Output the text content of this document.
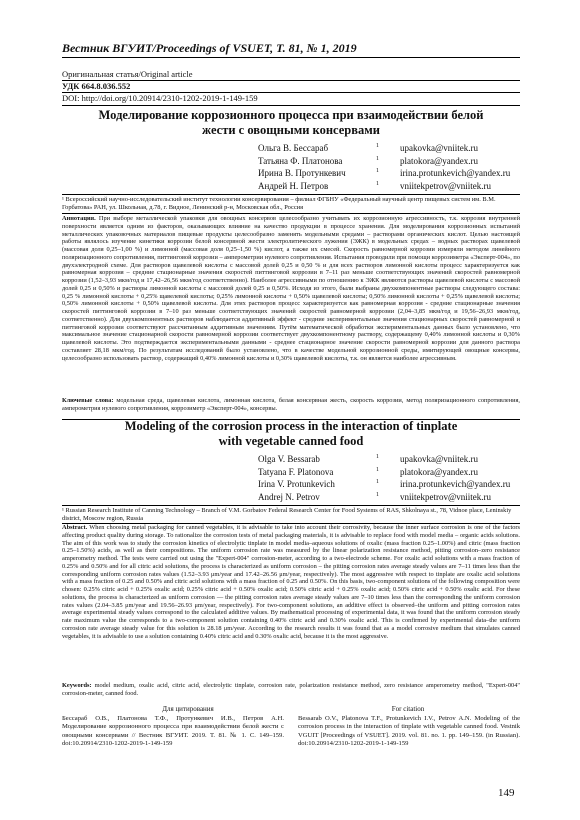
Вестник ВГУИТ/Proceedings of VSUET, Т. 81, № 1, 2019
Оригинальная статья/Original article
УДК 664.8.036.552
DOI: http://doi.org/10.20914/2310-1202-2019-1-149-159
Моделирование коррозионного процесса при взаимодействии белой
жести с овощными консервами
Ольга В. Бессараб	1	upakovka@vniitek.ru
Татьяна Ф. Платонова	1	platokora@yandex.ru
Ирина В. Протункевич	1	irina.protunkevich@yandex.ru
Андрей Н. Петров	1	vniitekpetrov@vniitek.ru
¹ Всероссийский научно-исследовательский институт технологии консервирования – филиал ФГБНУ «Федеральный научный центр пищевых систем им. В.М. Горбатова» РАН, ул. Школьная, д.78, г. Видное, Ленинский р-н, Московская обл., Россия
Аннотация. При выборе металлической упаковки для овощных консервов целесообразно учитывать их коррозионную агрессивность, т.к. коррозия внутренней поверхности является одним из факторов, оказывающих влияние на качество продукции в процессе хранения. Для моделирования коррозионных испытаний металлических упаковочных материалов пищевые продукты целесообразно заменять модельными средами – растворами органических кислот. Целью настоящей работы являлось изучение кинетики коррозии белой консервной жести электролитического лужения (ЭЖК) в модельных средах – водных растворах щавелевой (массовая доля 0,25–1,00 %) и лимонной (массовая доля 0,25–1,50 %) кислот, а также их смесей. Скорость равномерной коррозии измеряли методом линейного поляризационного сопротивления, питтинговой коррозии – амперометрии нулевого сопротивления. Испытания проводили при помощи коррозиметра «Эксперт-004», по двухэлектродной схеме. Для растворов щавелевой кислоты с массовой долей 0,25 и 0,50 % и для всех растворов лимонной кислоты процесс характеризуется как равномерная коррозия – средние стационарные значения скоростей питтинговой коррозии в 7–11 раз меньше соответствующих значений скоростей равномерной коррозии (1,52–3,93 мкм/год и 17,42–26,56 мкм/год соответственно). Наиболее агрессивными по отношению к ЭЖК являются растворы щавелевой кислоты с массовой долей 0,25 и 0,50% и растворы лимонной кислоты с массовой долей 0,25 и 0,50%. Исходя из этого, были выбраны двухкомпонентные растворы следующего состава: 0,25 % лимонной кислоты + 0,25% щавелевой кислоты; 0,25% лимонной кислоты + 0,50% щавелевой кислоты; 0,50% лимонной кислоты + 0,25% щавелевой кислоты; 0,50% лимонной кислоты + 0,50% щавелевой кислоты. Для этих растворов процесс характеризуется как равномерная коррозия - средние стационарные значения скоростей питтинговой коррозии в 7–10 раз меньше соответствующих значений скоростей равномерной коррозии (2,04–3,85 мкм/год и 19,56–26,93 мкм/год, соответственно). Для двухкомпонентных растворов наблюдается аддитивный эффект - средние экспериментальные значения стационарных скоростей равномерной и питтинговой коррозии соответствуют рассчитанным аддитивным значениям. Путём математической обработки экспериментальных данных было установлено, что максимальное значение стационарной скорости равномерной коррозии соответствует двухкомпонентному раствору, содержащему 0,40% лимонной кислоты и 0,30% щавелевой кислоты. Это подтверждается экспериментальными данными - среднее стационарное значение скорости равномерной коррозии для данного раствора составляет 28,18 мкм/год. По результатам исследований было установлено, что в качестве модельной коррозионной среды, имитирующей овощные консервы, целесообразно использовать раствор, содержащий 0,40% лимонной кислоты и 0,30% щавелевой кислоты, т.к. он является наиболее агрессивным.
Ключевые слова: модельная среда, щавелевая кислота, лимонная кислота, белая консервная жесть, скорость коррозии, метод поляризационного сопротивления, амперометрия нулевого сопротивления, коррозиметр «Эксперт-004», консервы.
Modeling of the corrosion process in the interaction of tinplate
with vegetable canned food
Olga V. Bessarab	1	upakovka@vniitek.ru
Tatyana F. Platonova	1	platokora@yandex.ru
Irina V. Protunkevich	1	irina.protunkevich@yandex.ru
Andrej N. Petrov	1	vniitekpetrov@vniitek.ru
¹ Russian Research Institute of Canning Technology – Branch of V.M. Gorbatov Federal Research Center for Food Systems of RAS, Shkolnaya st., 78, Vidnoe place, Leninskiy district, Moscow region, Russia
Abstract. When choosing metal packaging for canned vegetables, it is advisable to take into account their corrosivity, because the inner surface corrosion is one of the factors affecting product quality during storage. To rationalize the corrosion tests of metal packaging materials, it is advisable to replace food with model media – organic acids solutions. The aim of this work was to study the corrosion kinetics of electrolytic tinplate in model media–aqueous solutions of oxalic (mass fraction 0.25–1.00%) and citric (mass fraction 0.25–1.50%) acids, as well as their compositions. The uniform corrosion rate was measured by the linear polarization resistance method, pitting corrosion–zero resistance amperometry method. The tests were carried out using the "Expert-004" corrosion-meter, according to a two-electrode scheme. For oxalic acid solutions with a mass fraction of 0.25% and 0.50% and for all citric acid solutions, the process is characterized as uniform corrosion – the pitting corrosion rates average steady values are 7–11 times less than the corresponding uniform corrosion rates values (1.52–3.93 μm/year and 17.42–26.56 μm/year, respectively). The most aggressive with respect to tinplate are oxalic acid solutions with a mass fraction of 0.25 and 0.50% and citric acid solutions with a mass fraction of 0.25 and 0.50%. On this basis, two-component solutions of the following composition were chosen: 0.25% citric acid + 0.25% oxalic acid; 0.25% citric acid + 0.50% oxalic acid; 0.50% citric acid + 0.25% oxalic acid; 0.50% citric acid + 0.50% oxalic acid. For these solutions, the process is characterized as uniform corrosion — the pitting corrosion rates average steady values are 7–10 times less than the corresponding the uniform corrosion rates values (2.04–3.85 μm/year and 19.56–26.93 μm/year, respectively). For two-component solutions, an additive effect is observed–the uniform and pitting corrosion rates average experimental steady values correspond to the calculated additive values. By mathematical processing of experimental data, it was found that the uniform corrosion steady rate maximum value the corresponds to a two-component solution containing 0.40% citric acid and 0.30% oxalic acid. This is confirmed by experimental data–the uniform corrosion rate average steady value for this solution is 28.18 μm/year. According to the research results it was found that as a model corrosive medium that simulates canned vegetables, it is advisable to use a solution containing 0.40% citric acid and 0.30% oxalic acid, because it is the most aggressive.
Keywords: model medium, oxalic acid, citric acid, electrolytic tinplate, corrosion rate, polarization resistance method, zero resistance amperometry method, "Expert-004" corrosion-meter, canned food.
Для цитирования
Бессараб О.В., Платонова Т.Ф., Протункевич И.В., Петров А.Н. Моделирование коррозионного процесса при взаимодействии белой жести с овощными консервами // Вестник ВГУИТ. 2019. Т. 81. № 1. С. 149–159. doi:10.20914/2310-1202-2019-1-149-159
For citation
Bessarab O.V., Platonova T.F., Protunkevich I.V., Petrov A.N. Modeling of the corrosion process in the interaction of tinplate with vegetable canned food. Vestnik VGUIT [Proceedings of VSUET]. 2019. vol. 81. no. 1. pp. 149–159. (in Russian). doi:10.20914/2310-1202-2019-1-149-159
149
